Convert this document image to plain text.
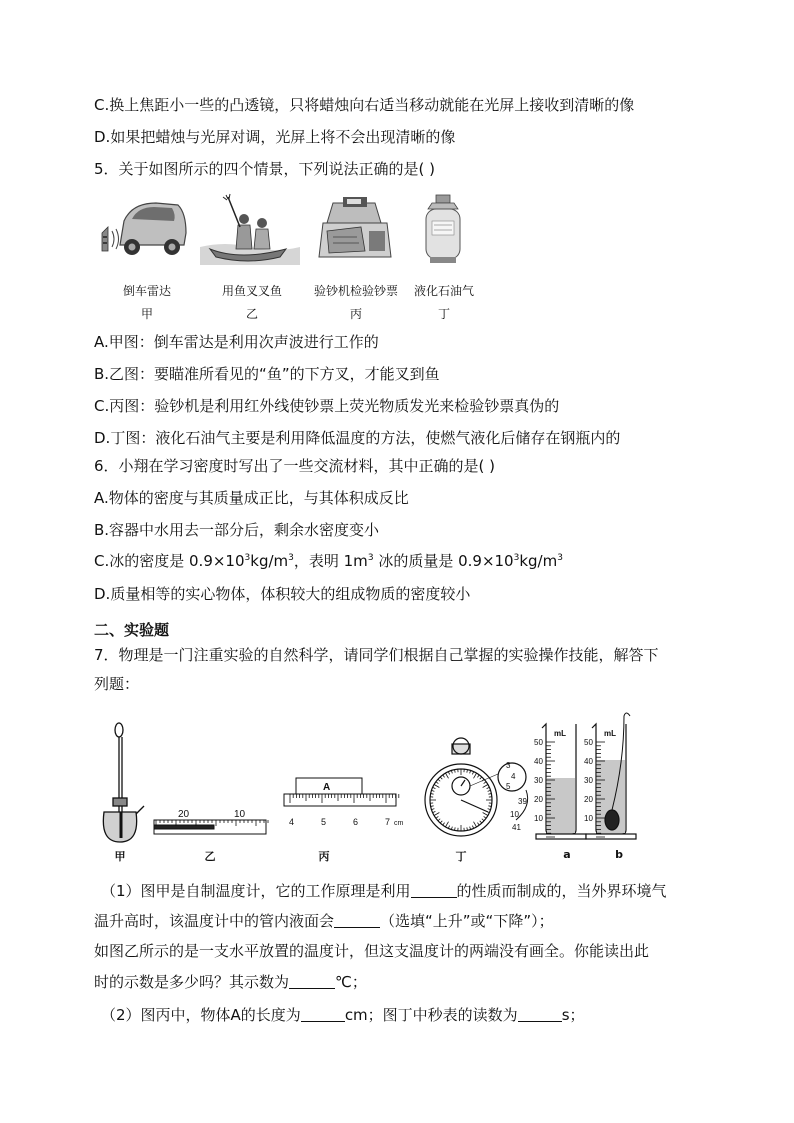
C.换上焦距小一些的凸透镜，只将蜡烛向右适当移动就能在光屏上接收到清晰的像
D.如果把蜡烛与光屏对调，光屏上将不会出现清晰的像
5．关于如图所示的四个情景，下列说法正确的是( )
倒车雷达	用鱼叉叉鱼	验钞机检验钞票	液化石油气
甲	乙	丙	丁
A.甲图：倒车雷达是利用次声波进行工作的
B.乙图：要瞄准所看见的“鱼”的下方叉，才能叉到鱼
C.丙图：验钞机是利用红外线使钞票上荧光物质发光来检验钞票真伪的
D.丁图：液化石油气主要是利用降低温度的方法，使燃气液化后储存在钢瓶内的
6．小翔在学习密度时写出了一些交流材料，其中正确的是( )
A.物体的密度与其质量成正比，与其体积成反比
B.容器中水用去一部分后，剩余水密度变小
C.冰的密度是 $0.9\times 10^3kg/m^3$，表明 $1m^3$ 冰的质量是 $0.9\times 10^3kg/m^3$
D.质量相等的实心物体，体积较大的组成物质的密度较小
二、实验题
7．物理是一门注重实验的自然科学，请同学们根据自己掌握的实验操作技能，解答下
列题：
20	10
A
4	5	6	7 cm
3
4
5
39
10
41
mL	mL
50
40
30
20
10
50
40
30
20
10
甲	乙	丙	丁	a	b
（1）图甲是自制温度计，它的工作原理是利用	的性质而制成的，当外界环境气
温升高时，该温度计中的管内液面会	（选填“上升”或“下降”）；
如图乙所示的是一支水平放置的温度计，但这支温度计的两端没有画全。你能读出此
时的示数是多少吗？其示数为	℃；
（2）图丙中，物体A的长度为	cm；图丁中秒表的读数为	s；
